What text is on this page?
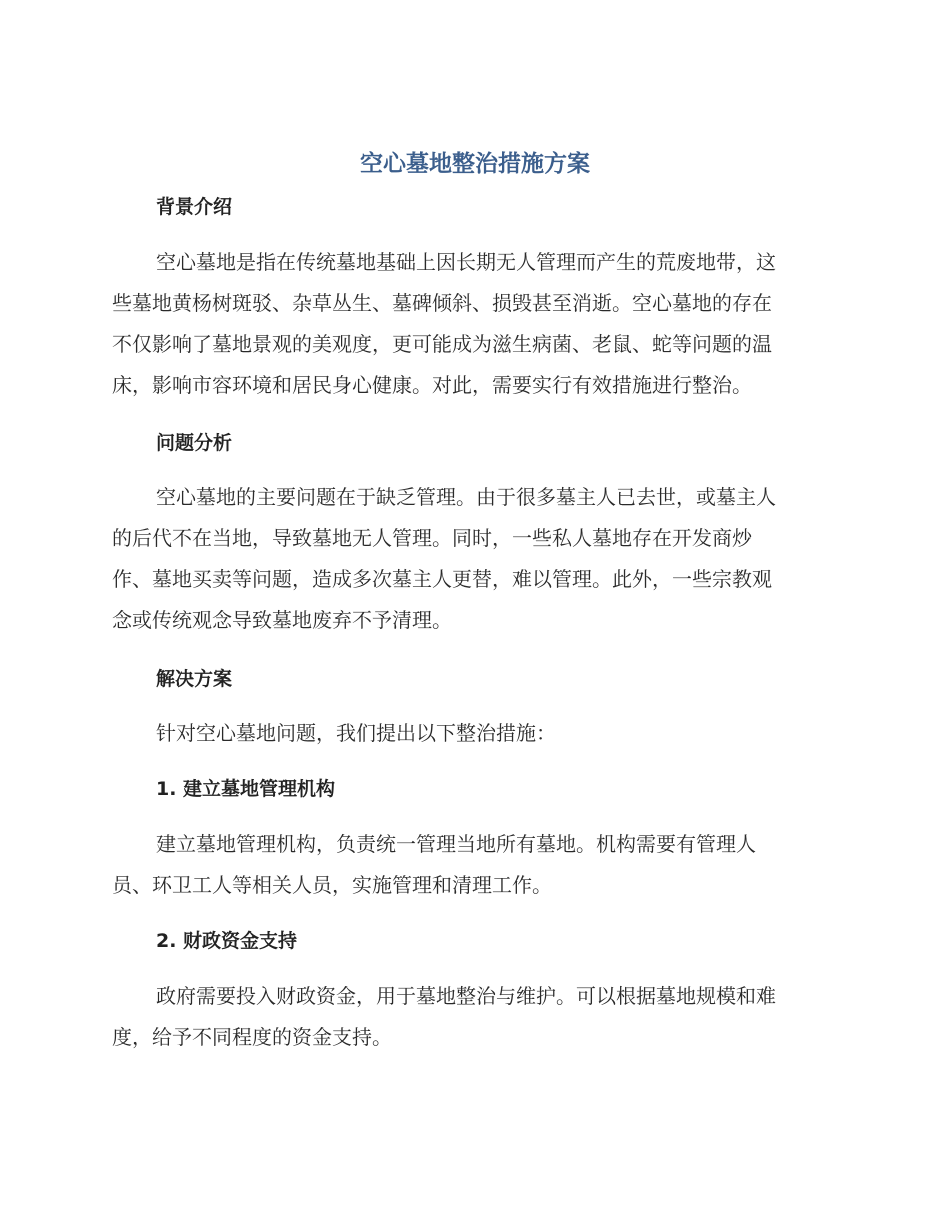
空心墓地整治措施方案
背景介绍
空心墓地是指在传统墓地基础上因长期无人管理而产生的荒废地带，这
些墓地黄杨树斑驳、杂草丛生、墓碑倾斜、损毁甚至消逝。空心墓地的存在
不仅影响了墓地景观的美观度，更可能成为滋生病菌、老鼠、蛇等问题的温
床，影响市容环境和居民身心健康。对此，需要实行有效措施进行整治。
问题分析
空心墓地的主要问题在于缺乏管理。由于很多墓主人已去世，或墓主人
的后代不在当地，导致墓地无人管理。同时，一些私人墓地存在开发商炒
作、墓地买卖等问题，造成多次墓主人更替，难以管理。此外，一些宗教观
念或传统观念导致墓地废弃不予清理。
解决方案
针对空心墓地问题，我们提出以下整治措施：
1. 建立墓地管理机构
建立墓地管理机构，负责统一管理当地所有墓地。机构需要有管理人
员、环卫工人等相关人员，实施管理和清理工作。
2. 财政资金支持
政府需要投入财政资金，用于墓地整治与维护。可以根据墓地规模和难
度，给予不同程度的资金支持。
